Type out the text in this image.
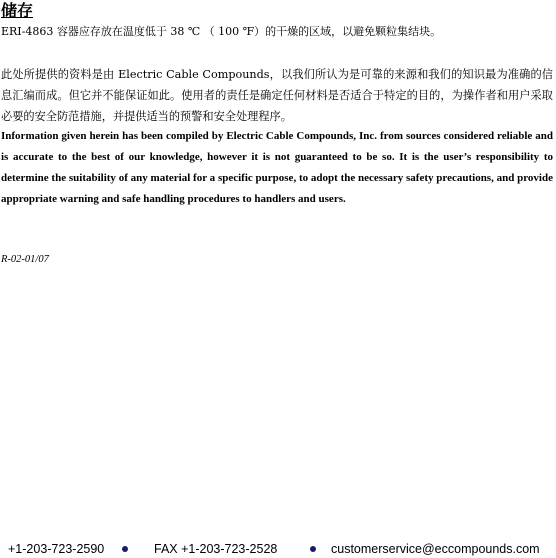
储存
ERI-4863 容器应存放在温度低于 38 ℃ （ 100 ℉）的干燥的区域，以避免颗粒集结块。
此处所提供的资料是由 Electric Cable Compounds，以我们所认为是可靠的来源和我们的知识最为准确的信息汇编而成。但它并不能保证如此。使用者的责任是确定任何材料是否适合于特定的目的，为操作者和用户采取必要的安全防范措施，并提供适当的预警和安全处理程序。
Information given herein has been compiled by Electric Cable Compounds, Inc. from sources considered reliable and is accurate to the best of our knowledge, however it is not guaranteed to be so. It is the user’s responsibility to determine the suitability of any material for a specific purpose, to adopt the necessary safety precautions, and provide appropriate warning and safe handling procedures to handlers and users.
R-02-01/07
+1-203-723-2590	FAX +1-203-723-2528	customerservice@eccompounds.com
